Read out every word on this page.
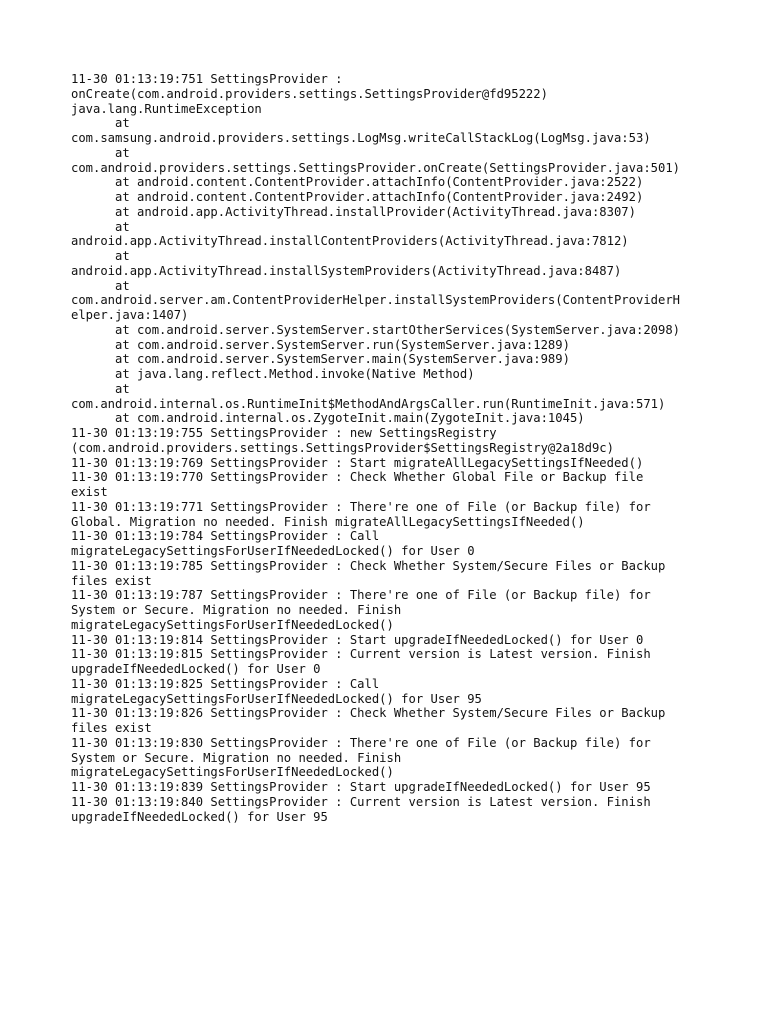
11-30 01:13:19:751 SettingsProvider :
onCreate(com.android.providers.settings.SettingsProvider@fd95222)
java.lang.RuntimeException
at
com.samsung.android.providers.settings.LogMsg.writeCallStackLog(LogMsg.java:53)
at
com.android.providers.settings.SettingsProvider.onCreate(SettingsProvider.java:501)
at android.content.ContentProvider.attachInfo(ContentProvider.java:2522)
at android.content.ContentProvider.attachInfo(ContentProvider.java:2492)
at android.app.ActivityThread.installProvider(ActivityThread.java:8307)
at
android.app.ActivityThread.installContentProviders(ActivityThread.java:7812)
at
android.app.ActivityThread.installSystemProviders(ActivityThread.java:8487)
at
com.android.server.am.ContentProviderHelper.installSystemProviders(ContentProviderH
elper.java:1407)
at com.android.server.SystemServer.startOtherServices(SystemServer.java:2098)
at com.android.server.SystemServer.run(SystemServer.java:1289)
at com.android.server.SystemServer.main(SystemServer.java:989)
at java.lang.reflect.Method.invoke(Native Method)
at
com.android.internal.os.RuntimeInit$MethodAndArgsCaller.run(RuntimeInit.java:571)
at com.android.internal.os.ZygoteInit.main(ZygoteInit.java:1045)
11-30 01:13:19:755 SettingsProvider : new SettingsRegistry
(com.android.providers.settings.SettingsProvider$SettingsRegistry@2a18d9c)
11-30 01:13:19:769 SettingsProvider : Start migrateAllLegacySettingsIfNeeded()
11-30 01:13:19:770 SettingsProvider : Check Whether Global File or Backup file
exist
11-30 01:13:19:771 SettingsProvider : There're one of File (or Backup file) for
Global. Migration no needed. Finish migrateAllLegacySettingsIfNeeded()
11-30 01:13:19:784 SettingsProvider : Call
migrateLegacySettingsForUserIfNeededLocked() for User 0
11-30 01:13:19:785 SettingsProvider : Check Whether System/Secure Files or Backup
files exist
11-30 01:13:19:787 SettingsProvider : There're one of File (or Backup file) for
System or Secure. Migration no needed. Finish
migrateLegacySettingsForUserIfNeededLocked()
11-30 01:13:19:814 SettingsProvider : Start upgradeIfNeededLocked() for User 0
11-30 01:13:19:815 SettingsProvider : Current version is Latest version. Finish
upgradeIfNeededLocked() for User 0
11-30 01:13:19:825 SettingsProvider : Call
migrateLegacySettingsForUserIfNeededLocked() for User 95
11-30 01:13:19:826 SettingsProvider : Check Whether System/Secure Files or Backup
files exist
11-30 01:13:19:830 SettingsProvider : There're one of File (or Backup file) for
System or Secure. Migration no needed. Finish
migrateLegacySettingsForUserIfNeededLocked()
11-30 01:13:19:839 SettingsProvider : Start upgradeIfNeededLocked() for User 95
11-30 01:13:19:840 SettingsProvider : Current version is Latest version. Finish
upgradeIfNeededLocked() for User 95
